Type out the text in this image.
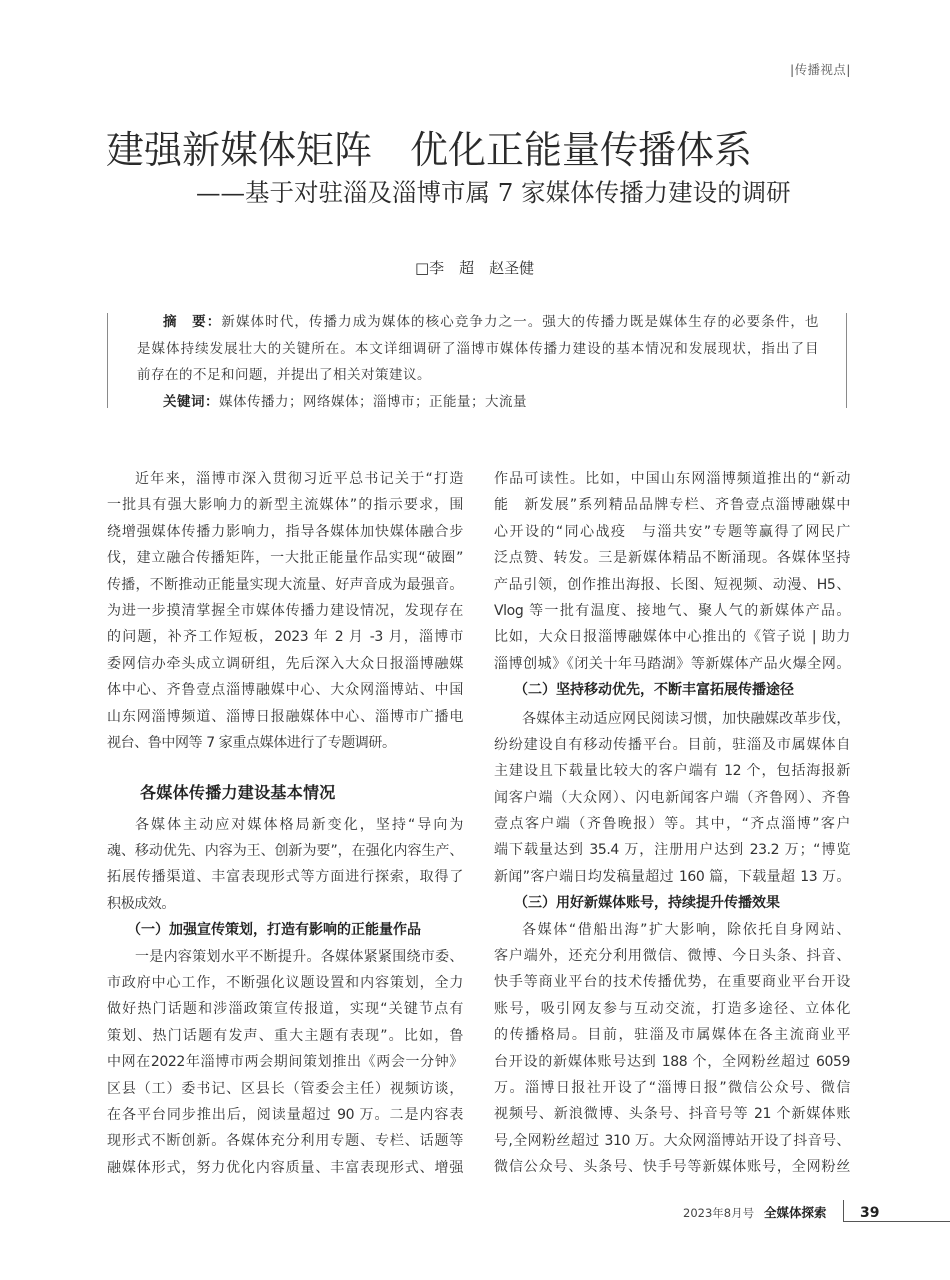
|传播视点|
建强新媒体矩阵　优化正能量传播体系
——基于对驻淄及淄博市属 7 家媒体传播力建设的调研
□李　超　赵圣健
摘　要：新媒体时代，传播力成为媒体的核心竞争力之一。强大的传播力既是媒体生存的必要条件，也
是媒体持续发展壮大的关键所在。本文详细调研了淄博市媒体传播力建设的基本情况和发展现状，指出了目
前存在的不足和问题，并提出了相关对策建议。
关键词：媒体传播力；网络媒体；淄博市；正能量；大流量
近年来，淄博市深入贯彻习近平总书记关于“打造
一批具有强大影响力的新型主流媒体”的指示要求，围
绕增强媒体传播力影响力，指导各媒体加快媒体融合步
伐，建立融合传播矩阵，一大批正能量作品实现“破圈”
传播，不断推动正能量实现大流量、好声音成为最强音。
为进一步摸清掌握全市媒体传播力建设情况，发现存在
的问题，补齐工作短板，2023 年 2 月 -3 月，淄博市
委网信办牵头成立调研组，先后深入大众日报淄博融媒
体中心、齐鲁壹点淄博融媒中心、大众网淄博站、中国
山东网淄博频道、淄博日报融媒体中心、淄博市广播电
视台、鲁中网等 7 家重点媒体进行了专题调研。
各媒体传播力建设基本情况
各媒体主动应对媒体格局新变化，坚持“导向为
魂、移动优先、内容为王、创新为要”，在强化内容生产、
拓展传播渠道、丰富表现形式等方面进行探索，取得了
积极成效。
（一）加强宣传策划，打造有影响的正能量作品
一是内容策划水平不断提升。各媒体紧紧围绕市委、
市政府中心工作，不断强化议题设置和内容策划，全力
做好热门话题和涉淄政策宣传报道，实现“关键节点有
策划、热门话题有发声、重大主题有表现”。比如，鲁
中网在2022年淄博市两会期间策划推出《两会一分钟》
区县（工）委书记、区县长（管委会主任）视频访谈，
在各平台同步推出后，阅读量超过 90 万。二是内容表
现形式不断创新。各媒体充分利用专题、专栏、话题等
融媒体形式，努力优化内容质量、丰富表现形式、增强
作品可读性。比如，中国山东网淄博频道推出的“新动
能　新发展”系列精品品牌专栏、齐鲁壹点淄博融媒中
心开设的“同心战疫　与淄共安”专题等赢得了网民广
泛点赞、转发。三是新媒体精品不断涌现。各媒体坚持
产品引领，创作推出海报、长图、短视频、动漫、H5、
Vlog 等一批有温度、接地气、聚人气的新媒体产品。
比如，大众日报淄博融媒体中心推出的《管子说 | 助力
淄博创城》《闭关十年马踏湖》等新媒体产品火爆全网。
（二）坚持移动优先，不断丰富拓展传播途径
各媒体主动适应网民阅读习惯，加快融媒改革步伐，
纷纷建设自有移动传播平台。目前，驻淄及市属媒体自
主建设且下载量比较大的客户端有 12 个，包括海报新
闻客户端（大众网）、闪电新闻客户端（齐鲁网）、齐鲁
壹点客户端（齐鲁晚报）等。其中，“齐点淄博”客户
端下载量达到 35.4 万，注册用户达到 23.2 万；“博览
新闻”客户端日均发稿量超过 160 篇，下载量超 13 万。
（三）用好新媒体账号，持续提升传播效果
各媒体“借船出海”扩大影响，除依托自身网站、
客户端外，还充分利用微信、微博、今日头条、抖音、
快手等商业平台的技术传播优势，在重要商业平台开设
账号，吸引网友参与互动交流，打造多途径、立体化
的传播格局。目前，驻淄及市属媒体在各主流商业平
台开设的新媒体账号达到 188 个，全网粉丝超过 6059
万。淄博日报社开设了“淄博日报”微信公众号、微信
视频号、新浪微博、头条号、抖音号等 21 个新媒体账
号,全网粉丝超过 310 万。大众网淄博站开设了抖音号、
微信公众号、头条号、快手号等新媒体账号，全网粉丝
2023年8月号 全媒体探索 39
